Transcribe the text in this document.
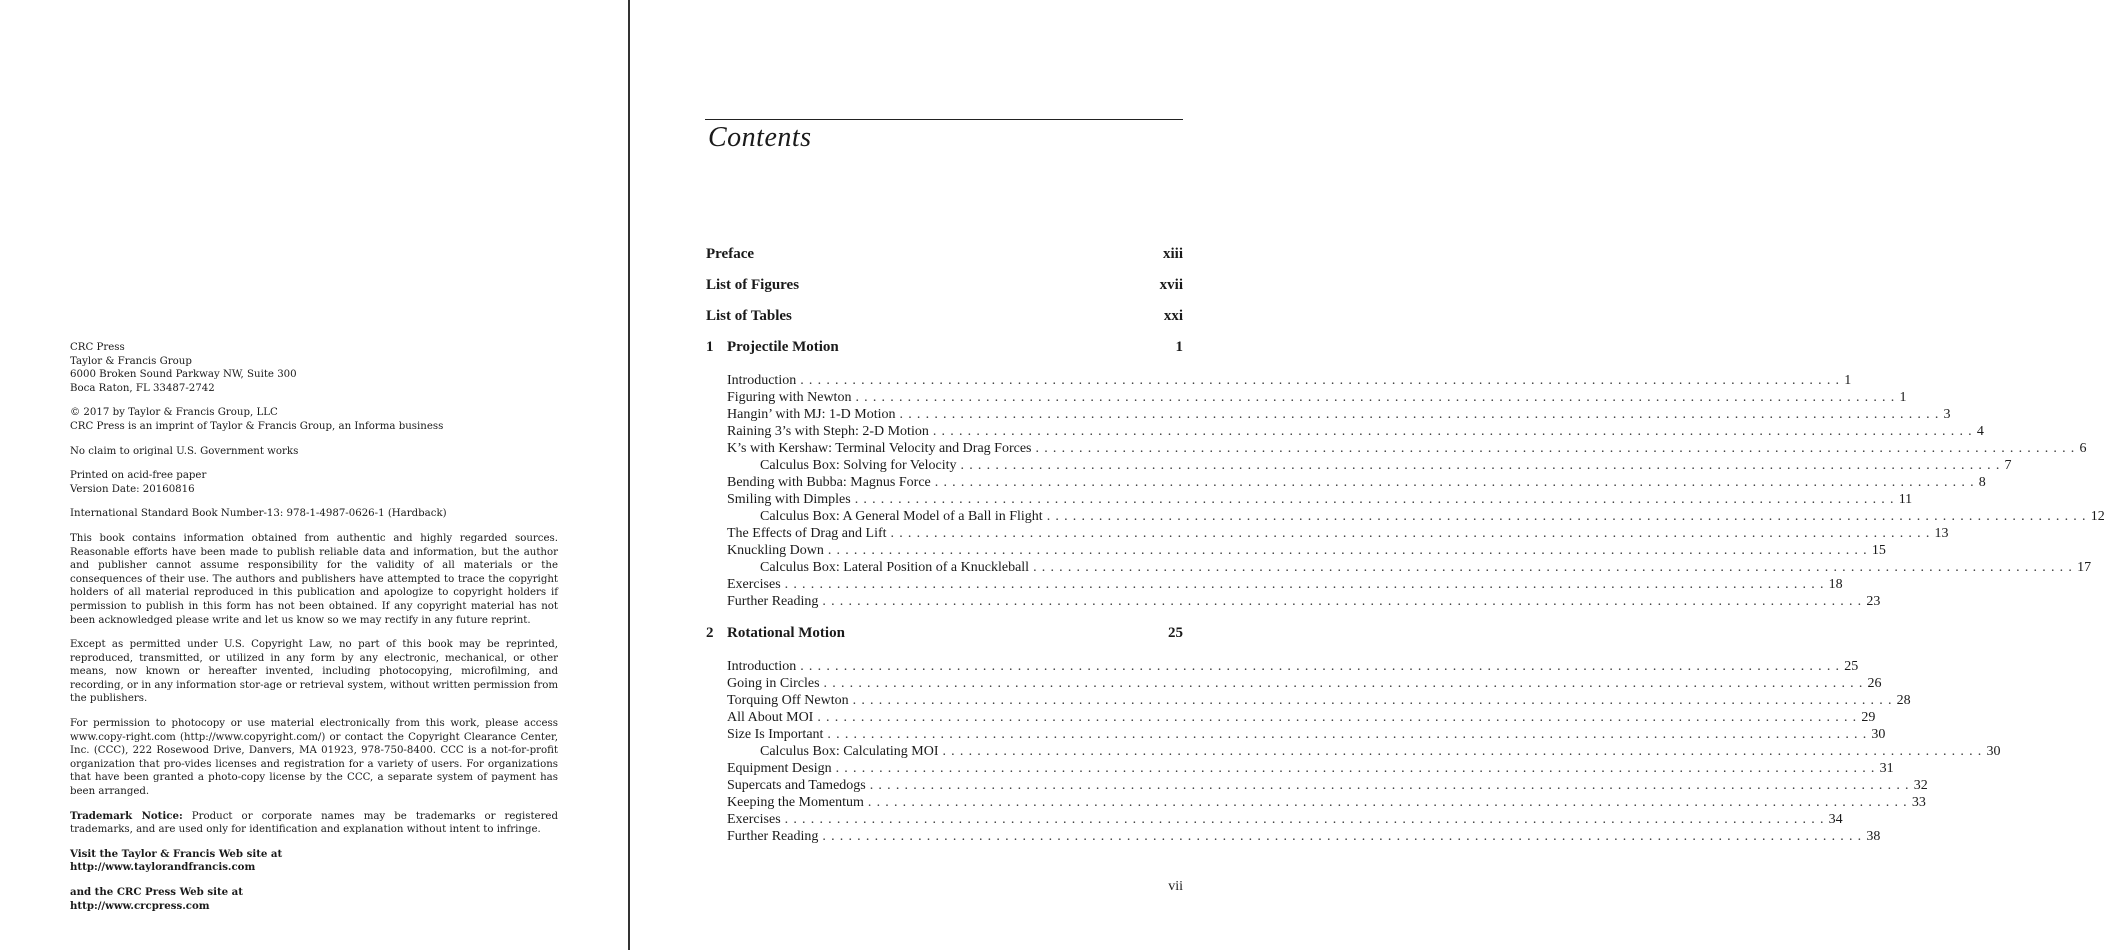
CRC Press
Taylor & Francis Group
6000 Broken Sound Parkway NW, Suite 300
Boca Raton, FL 33487-2742

© 2017 by Taylor & Francis Group, LLC
CRC Press is an imprint of Taylor & Francis Group, an Informa business

No claim to original U.S. Government works

Printed on acid-free paper
Version Date: 20160816

International Standard Book Number-13: 978-1-4987-0626-1 (Hardback)

This book contains information obtained from authentic and highly regarded sources. Reasonable efforts have been made to publish reliable data and information, but the author and publisher cannot assume responsibility for the validity of all materials or the consequences of their use. The authors and publishers have attempted to trace the copyright holders of all material reproduced in this publication and apologize to copyright holders if permission to publish in this form has not been obtained. If any copyright material has not been acknowledged please write and let us know so we may rectify in any future reprint.

Except as permitted under U.S. Copyright Law, no part of this book may be reprinted, reproduced, transmitted, or utilized in any form by any electronic, mechanical, or other means, now known or hereafter invented, including photocopying, microfilming, and recording, or in any information stor-age or retrieval system, without written permission from the publishers.

For permission to photocopy or use material electronically from this work, please access www.copy-right.com (http://www.copyright.com/) or contact the Copyright Clearance Center, Inc. (CCC), 222 Rosewood Drive, Danvers, MA 01923, 978-750-8400. CCC is a not-for-profit organization that pro-vides licenses and registration for a variety of users. For organizations that have been granted a photo-copy license by the CCC, a separate system of payment has been arranged.

Trademark Notice: Product or corporate names may be trademarks or registered trademarks, and are used only for identification and explanation without intent to infringe.

Visit the Taylor & Francis Web site at
http://www.taylorandfrancis.com

and the CRC Press Web site at
http://www.crcpress.com

Contents
Preface	xiii
List of Figures	xvii
List of Tables	xxi
1 Projectile Motion	1
Introduction ........................................................................................................................ 1
Figuring with Newton ........................................................................................................................ 1
Hangin’ with MJ: 1-D Motion ........................................................................................................................ 3
Raining 3’s with Steph: 2-D Motion ........................................................................................................................ 4
K’s with Kershaw: Terminal Velocity and Drag Forces ........................................................................................................................ 6
Calculus Box: Solving for Velocity ........................................................................................................................ 7
Bending with Bubba: Magnus Force ........................................................................................................................ 8
Smiling with Dimples ........................................................................................................................ 11
Calculus Box: A General Model of a Ball in Flight ........................................................................................................................ 12
The Effects of Drag and Lift ........................................................................................................................ 13
Knuckling Down ........................................................................................................................ 15
Calculus Box: Lateral Position of a Knuckleball ........................................................................................................................ 17
Exercises ........................................................................................................................ 18
Further Reading ........................................................................................................................ 23
2 Rotational Motion	25
Introduction ........................................................................................................................ 25
Going in Circles ........................................................................................................................ 26
Torquing Off Newton ........................................................................................................................ 28
All About MOI ........................................................................................................................ 29
Size Is Important ........................................................................................................................ 30
Calculus Box: Calculating MOI ........................................................................................................................ 30
Equipment Design ........................................................................................................................ 31
Supercats and Tamedogs ........................................................................................................................ 32
Keeping the Momentum ........................................................................................................................ 33
Exercises ........................................................................................................................ 34
Further Reading ........................................................................................................................ 38
vii
